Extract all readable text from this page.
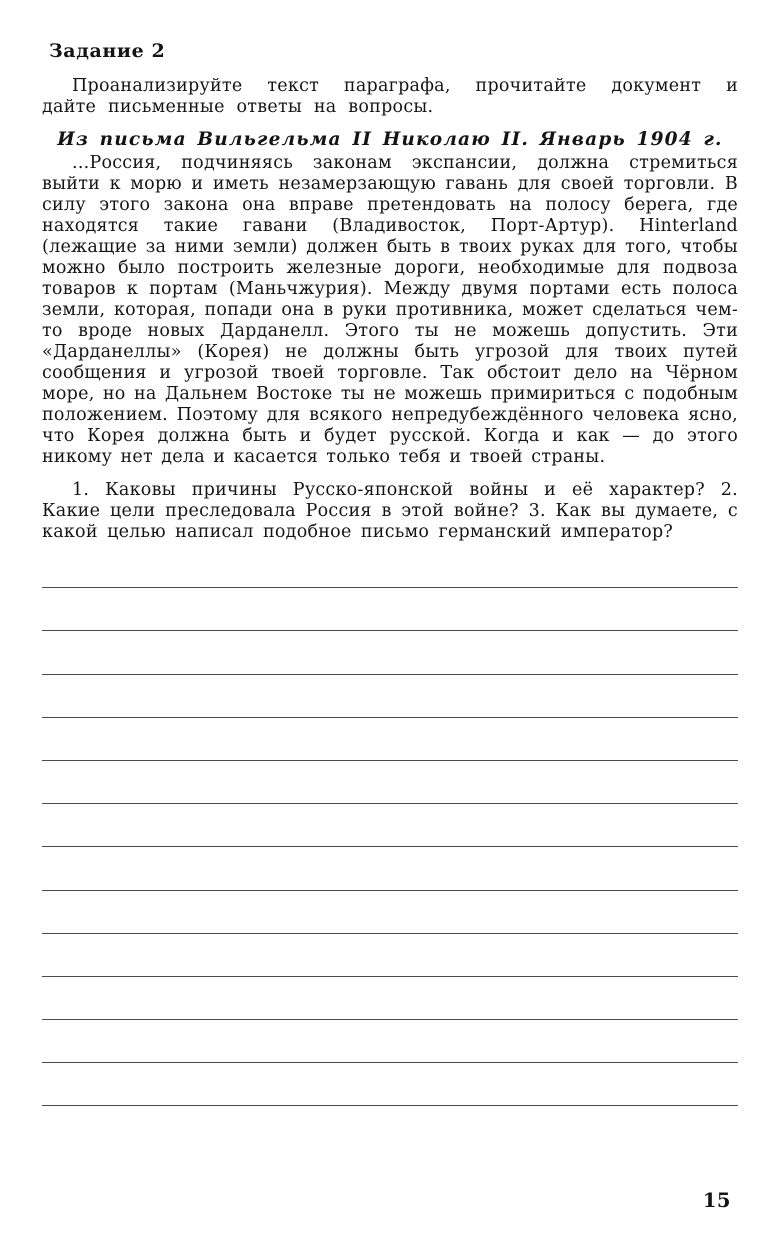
Задание 2

Проанализируйте текст параграфа, прочитайте документ и дайте письменные ответы на вопросы.

Из письма Вильгельма II Николаю II. Январь 1904 г.

...Россия, подчиняясь законам экспансии, должна стремиться выйти к морю и иметь незамерзающую гавань для своей торговли. В силу этого закона она вправе претендовать на полосу берега, где находятся такие гавани (Владивосток, Порт-Артур). Hinterland (лежащие за ними земли) должен быть в твоих руках для того, чтобы можно было построить железные дороги, необходимые для подвоза товаров к портам (Маньчжурия). Между двумя портами есть полоса земли, которая, попади она в руки противника, может сделаться чем-то вроде новых Дарданелл. Этого ты не можешь допустить. Эти «Дарданеллы» (Корея) не должны быть угрозой для твоих путей сообщения и угрозой твоей торговле. Так обстоит дело на Чёрном море, но на Дальнем Востоке ты не можешь примириться с подобным положением. Поэтому для всякого непредубеждённого человека ясно, что Корея должна быть и будет русской. Когда и как — до этого никому нет дела и касается только тебя и твоей страны.

1. Каковы причины Русско-японской войны и её характер? 2. Какие цели преследовала Россия в этой войне? 3. Как вы думаете, с какой целью написал подобное письмо германский император?

15
